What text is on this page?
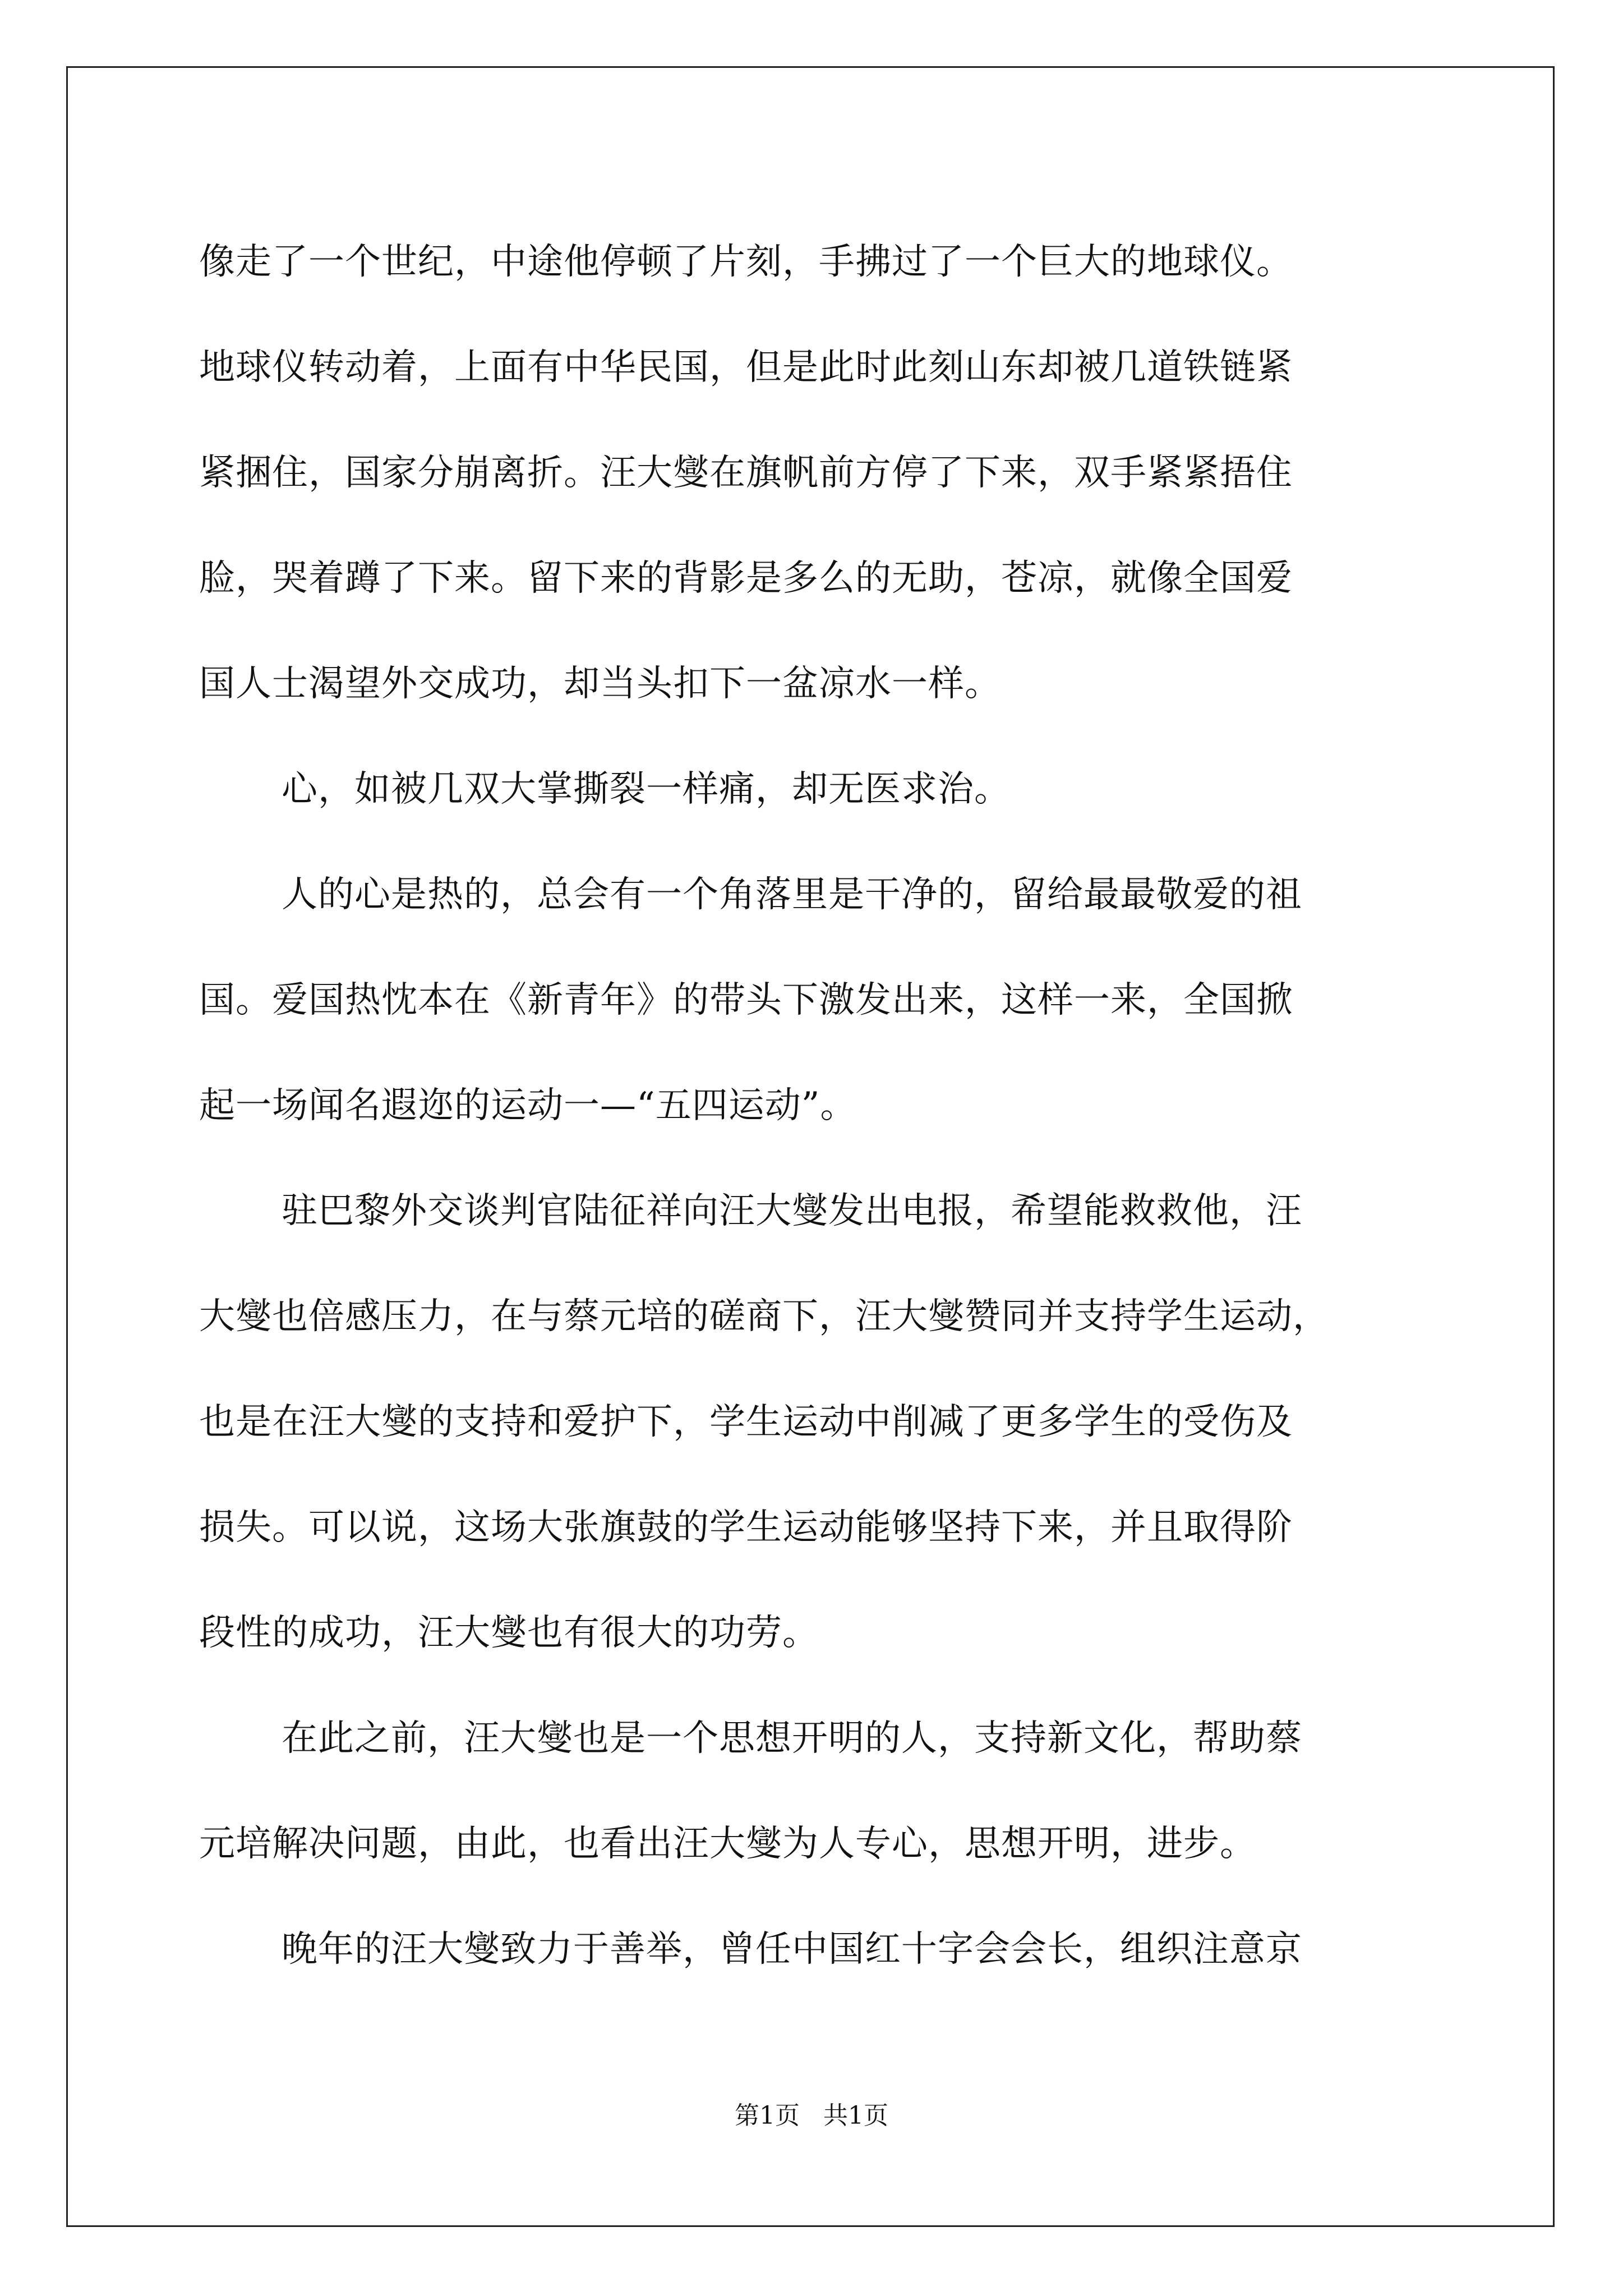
像走了一个世纪，中途他停顿了片刻，手拂过了一个巨大的地球仪。
地球仪转动着，上面有中华民国，但是此时此刻山东却被几道铁链紧
紧捆住，国家分崩离折。汪大燮在旗帆前方停了下来，双手紧紧捂住
脸，哭着蹲了下来。留下来的背影是多么的无助，苍凉，就像全国爱
国人士渴望外交成功，却当头扣下一盆凉水一样。
心，如被几双大掌撕裂一样痛，却无医求治。
人的心是热的，总会有一个角落里是干净的，留给最最敬爱的祖
国。爱国热忱本在《新青年》的带头下激发出来，这样一来，全国掀
起一场闻名遐迩的运动一—“五四运动”。
驻巴黎外交谈判官陆征祥向汪大燮发出电报，希望能救救他，汪
大燮也倍感压力，在与蔡元培的磋商下，汪大燮赞同并支持学生运动，
也是在汪大燮的支持和爱护下，学生运动中削减了更多学生的受伤及
损失。可以说，这场大张旗鼓的学生运动能够坚持下来，并且取得阶
段性的成功，汪大燮也有很大的功劳。
在此之前，汪大燮也是一个思想开明的人，支持新文化，帮助蔡
元培解决问题，由此，也看出汪大燮为人专心，思想开明，进步。
晚年的汪大燮致力于善举，曾任中国红十字会会长，组织注意京
第1页 共1页
